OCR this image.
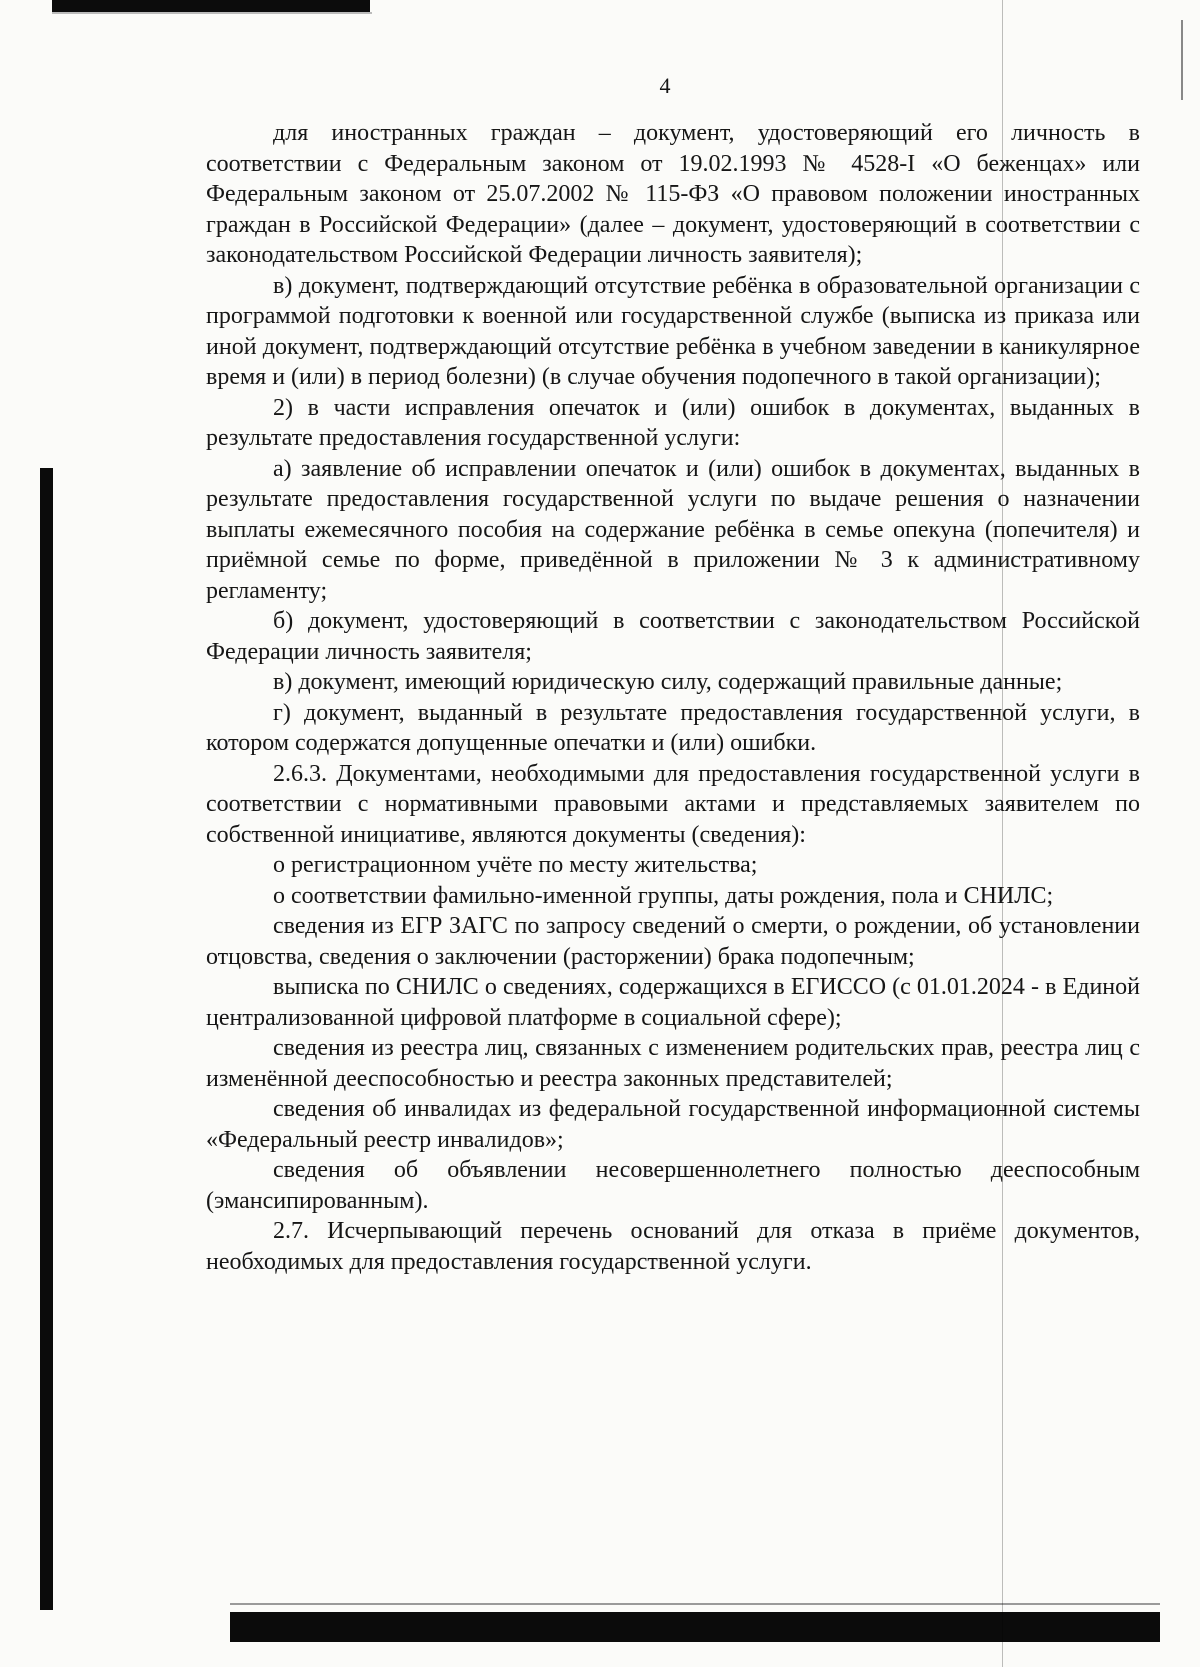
4

для иностранных граждан – документ, удостоверяющий его личность в соответствии с Федеральным законом от 19.02.1993 № 4528-I «О беженцах» или Федеральным законом от 25.07.2002 № 115-ФЗ «О правовом положении иностранных граждан в Российской Федерации» (далее – документ, удостоверяющий в соответствии с законодательством Российской Федерации личность заявителя);

в) документ, подтверждающий отсутствие ребёнка в образовательной организации с программой подготовки к военной или государственной службе (выписка из приказа или иной документ, подтверждающий отсутствие ребёнка в учебном заведении в каникулярное время и (или) в период болезни) (в случае обучения подопечного в такой организации);

2) в части исправления опечаток и (или) ошибок в документах, выданных в результате предоставления государственной услуги:

а) заявление об исправлении опечаток и (или) ошибок в документах, выданных в результате предоставления государственной услуги по выдаче решения о назначении выплаты ежемесячного пособия на содержание ребёнка в семье опекуна (попечителя) и приёмной семье по форме, приведённой в приложении № 3 к административному регламенту;

б) документ, удостоверяющий в соответствии с законодательством Российской Федерации личность заявителя;

в) документ, имеющий юридическую силу, содержащий правильные данные;

г) документ, выданный в результате предоставления государственной услуги, в котором содержатся допущенные опечатки и (или) ошибки.

2.6.3. Документами, необходимыми для предоставления государственной услуги в соответствии с нормативными правовыми актами и представляемых заявителем по собственной инициативе, являются документы (сведения):

о регистрационном учёте по месту жительства;

о соответствии фамильно-именной группы, даты рождения, пола и СНИЛС;

сведения из ЕГР ЗАГС по запросу сведений о смерти, о рождении, об установлении отцовства, сведения о заключении (расторжении) брака подопечным;

выписка по СНИЛС о сведениях, содержащихся в ЕГИССО (с 01.01.2024 - в Единой централизованной цифровой платформе в социальной сфере);

сведения из реестра лиц, связанных с изменением родительских прав, реестра лиц с изменённой дееспособностью и реестра законных представителей;

сведения об инвалидах из федеральной государственной информационной системы «Федеральный реестр инвалидов»;

сведения об объявлении несовершеннолетнего полностью дееспособным (эмансипированным).

2.7. Исчерпывающий перечень оснований для отказа в приёме документов, необходимых для предоставления государственной услуги.
